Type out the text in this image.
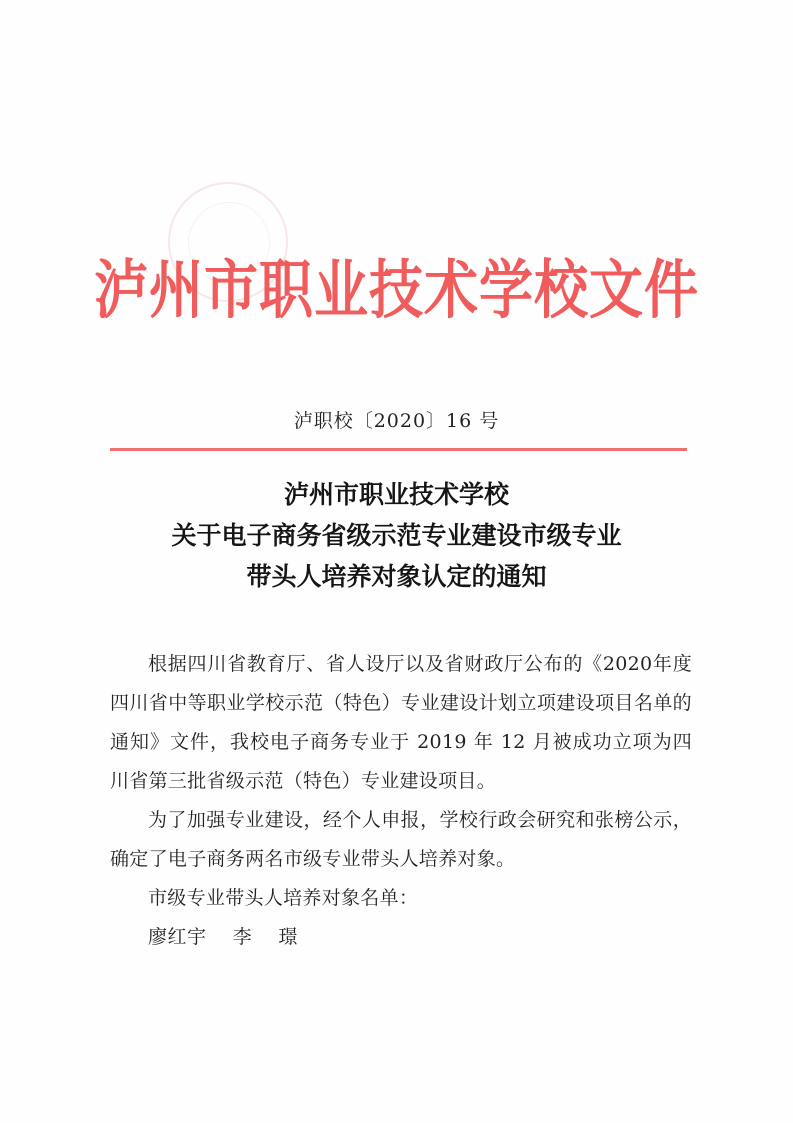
泸州市职业技术学校文件
泸职校〔2020〕16 号
泸州市职业技术学校
关于电子商务省级示范专业建设市级专业
带头人培养对象认定的通知

根据四川省教育厅、省人设厅以及省财政厅公布的《2020年度四川省中等职业学校示范（特色）专业建设计划立项建设项目名单的通知》文件，我校电子商务专业于 2019 年 12 月被成功立项为四川省第三批省级示范（特色）专业建设项目。

为了加强专业建设，经个人申报，学校行政会研究和张榜公示，确定了电子商务两名市级专业带头人培养对象。

市级专业带头人培养对象名单：

廖红宇    李    璟
